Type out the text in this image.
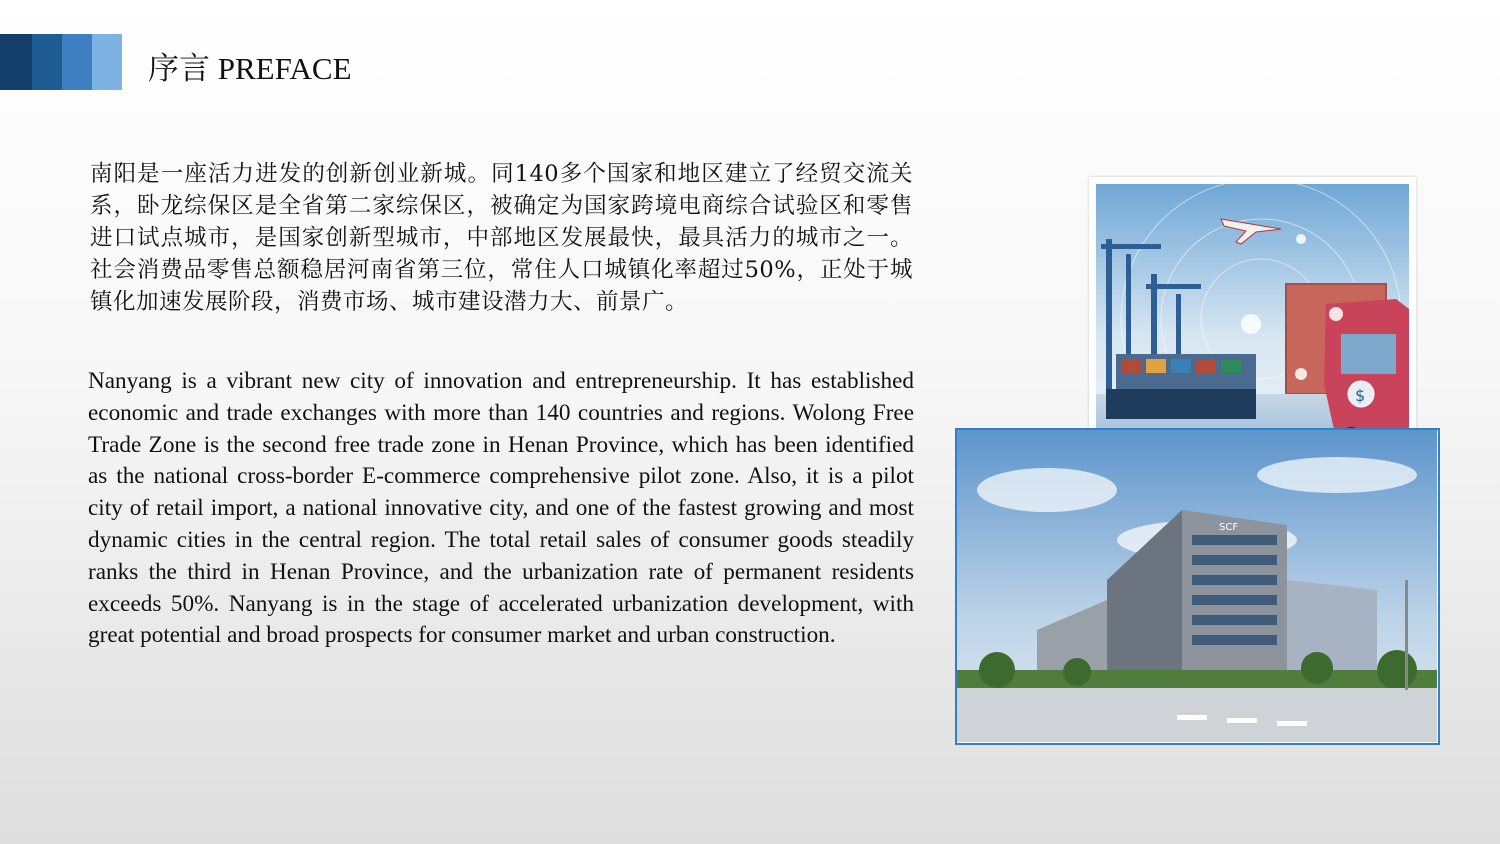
序言 PREFACE

南阳是一座活力进发的创新创业新城。同140多个国家和地区建立了经贸交流关系，卧龙综保区是全省第二家综保区，被确定为国家跨境电商综合试验区和零售进口试点城市，是国家创新型城市，中部地区发展最快，最具活力的城市之一。社会消费品零售总额稳居河南省第三位，常住人口城镇化率超过50%，正处于城镇化加速发展阶段，消费市场、城市建设潜力大、前景广。

Nanyang is a vibrant new city of innovation and entrepreneurship. It has established economic and trade exchanges with more than 140 countries and regions. Wolong Free Trade Zone is the second free trade zone in Henan Province, which has been identified as the national cross-border E-commerce comprehensive pilot zone. Also, it is a pilot city of retail import, a national innovative city, and one of the fastest growing and most dynamic cities in the central region. The total retail sales of consumer goods steadily ranks the third in Henan Province, and the urbanization rate of permanent residents exceeds 50%. Nanyang is in the stage of accelerated urbanization development, with great potential and broad prospects for consumer market and urban construction.

$
SCF
